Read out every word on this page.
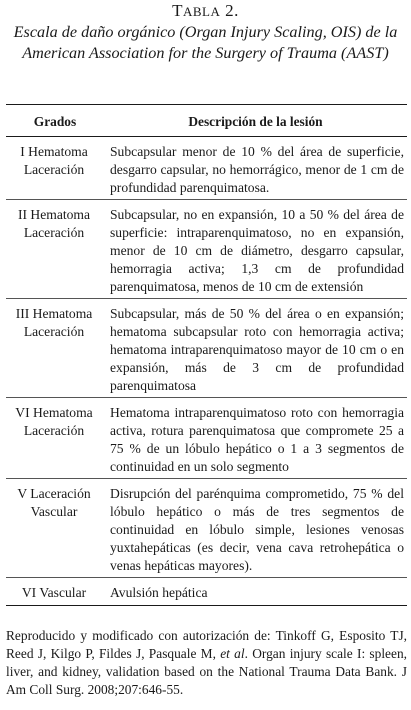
TABLA 2.
Escala de daño orgánico (Organ Injury Scaling, OIS) de la American Association for the Surgery of Trauma (AAST)
Grados	Descripción de la lesión

I Hematoma
Laceración	Subcapsular menor de 10 % del área de superficie, desgarro capsular, no hemorrágico, menor de 1 cm de profundidad parenquimatosa.

II Hematoma
Laceración	Subcapsular, no en expansión, 10 a 50 % del área de superficie: intraparenquimatoso, no en expansión, menor de 10 cm de diámetro, desgarro capsular, hemorragia activa; 1,3 cm de profundidad parenquimatosa, menos de 10 cm de extensión

III Hematoma
Laceración	Subcapsular, más de 50 % del área o en expansión; hematoma subcapsular roto con hemorragia activa; hematoma intraparenquimatoso mayor de 10 cm o en expansión, más de 3 cm de profundidad parenquimatosa

VI Hematoma
Laceración	Hematoma intraparenquimatoso roto con hemorragia activa, rotura parenquimatosa que compromete 25 a 75 % de un lóbulo hepático o 1 a 3 segmentos de continuidad en un solo segmento

V Laceración
Vascular	Disrupción del parénquima comprometido, 75 % del lóbulo hepático o más de tres segmentos de continuidad en lóbulo simple, lesiones venosas yuxtahepáticas (es decir, vena cava retrohepática o venas hepáticas mayores).

VI Vascular	Avulsión hepática
Reproducido y modificado con autorización de: Tinkoff G, Esposito TJ, Reed J, Kilgo P, Fildes J, Pasquale M, et al. Organ injury scale I: spleen, liver, and kidney, validation based on the National Trauma Data Bank. J Am Coll Surg. 2008;207:646-55.
